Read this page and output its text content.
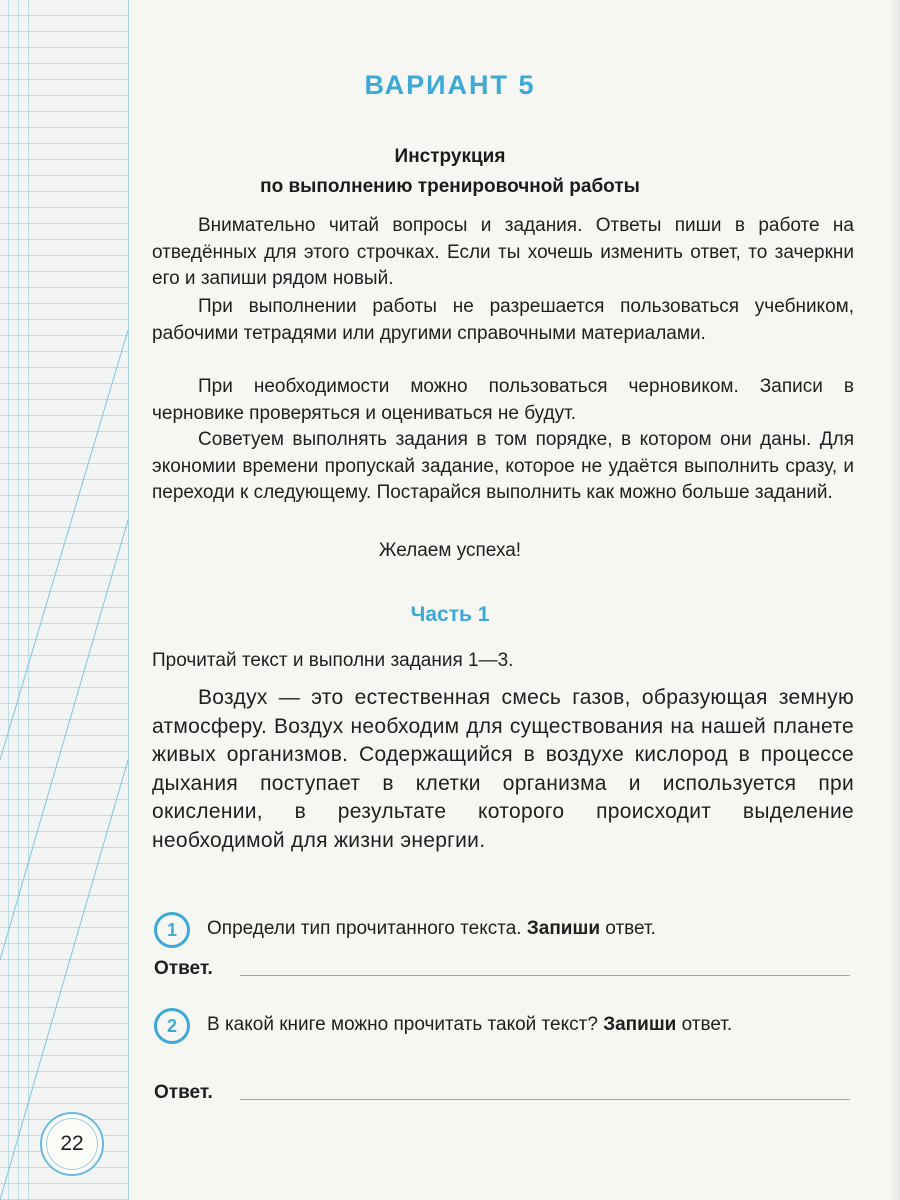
ВАРИАНТ 5
Инструкция
по выполнению тренировочной работы

Внимательно читай вопросы и задания. Ответы пиши в работе на отведённых для этого строчках. Если ты хочешь изменить ответ, то зачеркни его и запиши рядом новый.

При выполнении работы не разрешается пользоваться учебником, рабочими тетрадями или другими справочными материалами.

При необходимости можно пользоваться черновиком. Записи в черновике проверяться и оцениваться не будут.

Советуем выполнять задания в том порядке, в котором они даны. Для экономии времени пропускай задание, которое не удаётся выполнить сразу, и переходи к следующему. Постарайся выполнить как можно больше заданий.

Желаем успеха!
Часть 1
Прочитай текст и выполни задания 1—3.

Воздух — это естественная смесь газов, образующая земную атмосферу. Воздух необходим для существования на нашей планете живых организмов. Содержащийся в воздухе кислород в процессе дыхания поступает в клетки организма и используется при окислении, в результате которого происходит выделение необходимой для жизни энергии.

1	Определи тип прочитанного текста. Запиши ответ.
Ответ.
2	В какой книге можно прочитать такой текст? Запиши ответ.
Ответ.
22
